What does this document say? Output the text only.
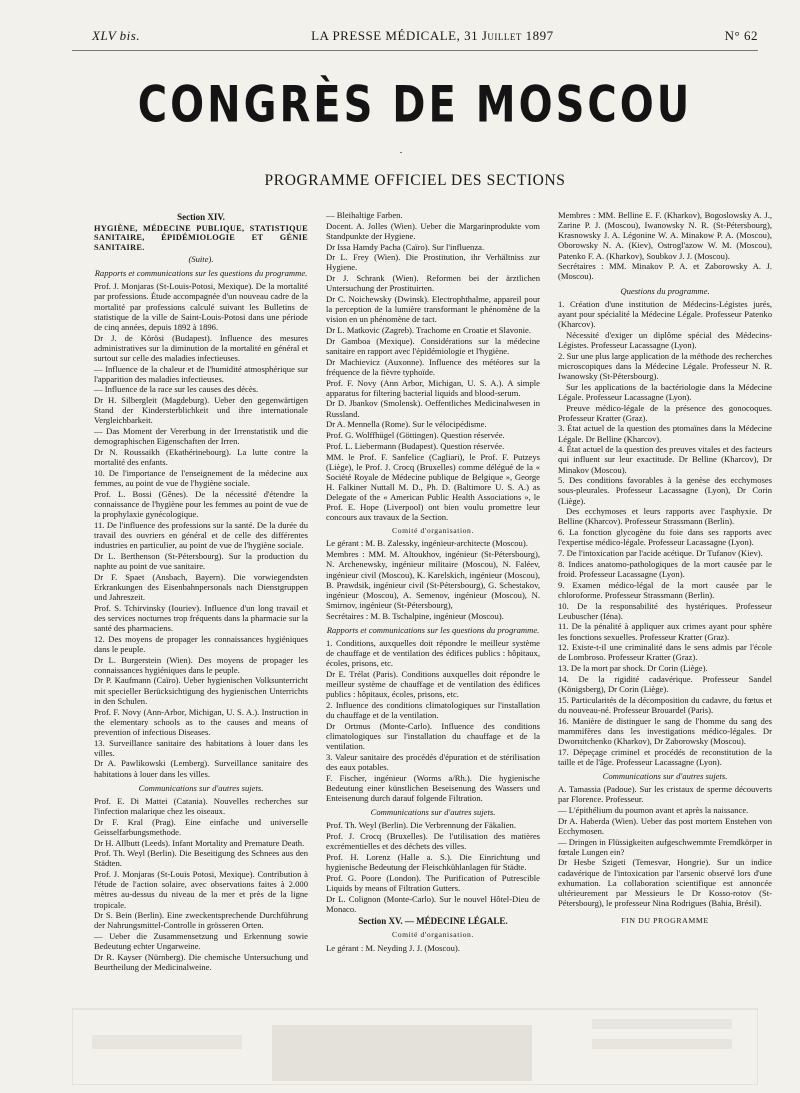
XLV bis.	LA PRESSE MÉDICALE, 31 Juillet 1897	N° 62
CONGRÈS DE MOSCOU
PROGRAMME OFFICIEL DES SECTIONS

Section XIV.

HYGIÈNE, MÉDECINE PUBLIQUE, STATISTIQUE SANITAIRE, ÉPIDÉMIOLOGIE ET GÉNIE SANITAIRE.

(Suite).

Rapports et communications sur les questions du programme.

Prof. J. Monjaras (St-Louis-Potosi, Mexique). De la mortalité par professions. Étude accompagnée d'un nouveau cadre de la mortalité par professions calculé suivant les Bulletins de statistique de la ville de Saint-Louis-Potosi dans une période de cinq années, depuis 1892 à 1896.

Dr J. de Körösi (Budapest). Influence des mesures administratives sur la diminution de la mortalité en général et surtout sur celle des maladies infectieuses.

— Influence de la chaleur et de l'humidité atmosphérique sur l'apparition des maladies infectieuses.

— Influence de la race sur les causes des décès.

Dr H. Silbergleit (Magdeburg). Ueber den gegenwärtigen Stand der Kindersterblichkeit und ihre internationale Vergleichbarkeit.

— Das Moment der Vererbung in der Irrenstatistik und die demographischen Eigenschaften der Irren.

Dr N. Roussaikh (Ekathérinebourg). La lutte contre la mortalité des enfants.

10. De l'importance de l'enseignement de la médecine aux femmes, au point de vue de l'hygiène sociale.

Prof. L. Bossi (Gênes). De la nécessité d'étendre la connaissance de l'hygiène pour les femmes au point de vue de la prophylaxie gynécologique.

11. De l'influence des professions sur la santé. De la durée du travail des ouvriers en général et de celle des différentes industries en particulier, au point de vue de l'hygiène sociale.

Dr L. Berthenson (St-Pétersbourg). Sur la production du naphte au point de vue sanitaire.

Dr F. Spaet (Ansbach, Bayern). Die vorwiegendsten Erkrankungen des Eisenbahnpersonals nach Dienstgruppen und Jahreszeit.

Prof. S. Tchirvinsky (Iouriev). Influence d'un long travail et des services nocturnes trop fréquents dans la pharmacie sur la santé des pharmaciens.

12. Des moyens de propager les connaissances hygiéniques dans le peuple.

Dr L. Burgerstein (Wien). Des moyens de propager les connaissances hygiéniques dans le peuple.

Dr P. Kaufmann (Caïro). Ueber hygienischen Volksunterricht mit specieller Berücksichtigung des hygienischen Unterrichts in den Schulen.

Prof. F. Novy (Ann-Arbor, Michigan, U. S. A.). Instruction in the elementary schools as to the causes and means of prevention of infectious Diseases.

13. Surveillance sanitaire des habitations à louer dans les villes.

Dr A. Pawlikowski (Lemberg). Surveillance sanitaire des habitations à louer dans les villes.

Communications sur d'autres sujets.

Prof. E. Di Mattei (Catania). Nouvelles recherches sur l'infection malarique chez les oiseaux.

Dr F. Kral (Prag). Eine einfache und universelle Geisselfarbungsmethode.

Dr H. Allbutt (Leeds). Infant Mortality and Premature Death.

Prof. Th. Weyl (Berlin). Die Beseitigung des Schnees aus den Städten.

Prof. J. Monjaras (St-Louis Potosi, Mexique). Contribution à l'étude de l'action solaire, avec observations faites à 2.000 mètres au-dessus du niveau de la mer et près de la ligne tropicale.

Dr S. Bein (Berlin). Eine zweckentsprechende Durchführung der Nahrungsmittel-Controlle in grösseren Orten.

— Ueber die Zusammensetzung und Erkennung sowie Bedeutung echter Ungarweine.

Dr R. Kayser (Nürnberg). Die chemische Untersuchung und Beurtheilung der Medicinalweine.

— Bleihaltige Farben.

Docent. A. Jolles (Wien). Ueber die Margarinprodukte vom Standpunkte der Hygiene.

Dr Issa Hamdy Pacha (Caïro). Sur l'influenza.

Dr L. Frey (Wien). Die Prostitution, ihr Verhältniss zur Hygiene.

Dr J. Schrank (Wien). Reformen bei der ärztlichen Untersuchung der Prostituirten.

Dr C. Noichewsky (Dwinsk). Electrophthalme, appareil pour la perception de la lumière transformant le phénomène de la vision en un phénomène de tact.

Dr L. Matkovic (Zagreb). Trachome en Croatie et Slavonie.

Dr Gamboa (Mexique). Considérations sur la médecine sanitaire en rapport avec l'épidémiologie et l'hygiène.

Dr Machievicz (Auxonne). Influence des météores sur la fréquence de la fièvre typhoïde.

Prof. F. Novy (Ann Arbor, Michigan, U. S. A.). A simple apparatus for filtering bacterial liquids and blood-serum.

Dr D. Jbankov (Smolensk). Oeffentliches Medicinalwesen in Russland.

Dr A. Mennella (Rome). Sur le vélocipédisme.

Prof. G. Wolffhügel (Göttingen). Question réservée.

Prof. L. Liebermann (Budapest). Question réservée.

MM. le Prof. F. Sanfelice (Cagliari), le Prof. F. Putzeys (Liège), le Prof. J. Crocq (Bruxelles) comme délégué de la « Société Royale de Médecine publique de Belgique », George H. Falkiner Nuttall M. D., Ph. D. (Baltimore U. S. A.) as Delegate of the « American Public Health Associations », le Prof. E. Hope (Liverpool) ont bien voulu promettre leur concours aux travaux de la Section.

Comité d'organisation.

Le gérant : M. B. Zalessky, ingénieur-architecte (Moscou).

Membres : MM. M. Altoukhov, ingénieur (St-Pétersbourg), N. Archenewsky, ingénieur militaire (Moscou), N. Faléev, ingénieur civil (Moscou), K. Karelskich, ingénieur (Moscou), B. Prawdsik, ingénieur civil (St-Pétersbourg), G. Schestakov, ingénieur (Moscou), A. Semenov, ingénieur (Moscou), N. Smirnov, ingénieur (St-Pétersbourg),

Secrétaires : M. B. Tschalpine, ingénieur (Moscou).

Rapports et communications sur les questions du programme.

1. Conditions, auxquelles doit répondre le meilleur système de chauffage et de ventilation des édifices publics : hôpitaux, écoles, prisons, etc.

Dr E. Trélat (Paris). Conditions auxquelles doit répondre le meilleur système de chauffage et de ventilation des édifices publics : hôpitaux, écoles, prisons, etc.

2. Influence des conditions climatologiques sur l'installation du chauffage et de la ventilation.

Dr Ortmus (Monte-Carlo). Influence des conditions climatologiques sur l'installation du chauffage et de la ventilation.

3. Valeur sanitaire des procédés d'épuration et de stérilisation des eaux potables.

F. Fischer, ingénieur (Worms a/Rh.). Die hygienische Bedeutung einer künstlichen Beseisenung des Wassers und Enteisenung durch darauf folgende Filtration.

Communications sur d'autres sujets.

Prof. Th. Weyl (Berlin). Die Verbrennung der Fäkalien.

Prof. J. Crocq (Bruxelles). De l'utilisation des matières excrémentielles et des déchets des villes.

Prof. H. Lorenz (Halle a. S.). Die Einrichtung und hygienische Bedeutung der Fleischkühlanlagen für Städte.

Prof. G. Poore (London). The Purification of Putrescible Liquids by means of Filtration Gutters.

Dr L. Colignon (Monte-Carlo). Sur le nouvel Hôtel-Dieu de Monaco.

Section XV. — MÉDECINE LÉGALE.

Comité d'organisation.

Le gérant : M. Neyding J. J. (Moscou).

Membres : MM. Belline E. F. (Kharkov), Bogoslowsky A. J., Zarine P. J. (Moscou), Iwanowsky N. R. (St-Pétersbourg), Krasnowsky J. A. Légonine W. A. Minakow P. A. (Moscou), Oborowsky N. A. (Kiev), Ostrogl'azow W. M. (Moscou), Patenko F. A. (Kharkov), Soubkov J. J. (Moscou).

Secrétaires : MM. Minakov P. A. et Zaborowsky A. J. (Moscou).

Questions du programme.

1. Création d'une institution de Médecins-Légistes jurés, ayant pour spécialité la Médecine Légale. Professeur Patenko (Kharcov).

Nécessité d'exiger un diplôme spécial des Médecins-Légistes. Professeur Lacassagne (Lyon).

2. Sur une plus large application de la méthode des recherches microscopiques dans la Médecine Légale. Professeur N. R. Iwanowsky (St-Pétersbourg).

Sur les applications de la bactériologie dans la Médecine Légale. Professeur Lacassagne (Lyon).

Preuve médico-légale de la présence des gonocoques. Professeur Kratter (Graz).

3. État actuel de la question des ptomaïnes dans la Médecine Légale. Dr Belline (Kharcov).

4. État actuel de la question des preuves vitales et des facteurs qui influent sur leur exactitude. Dr Belline (Kharcov), Dr Minakov (Moscou).

5. Des conditions favorables à la genèse des ecchymoses sous-pleurales. Professeur Lacassagne (Lyon), Dr Corin (Liège).

Des ecchymoses et leurs rapports avec l'asphyxie. Dr Belline (Kharcov). Professeur Strassmann (Berlin).

6. La fonction glycogène du foie dans ses rapports avec l'expertise médico-légale. Professeur Lacassagne (Lyon).

7. De l'intoxication par l'acide acétique. Dr Tufanov (Kiev).

8. Indices anatomo-pathologiques de la mort causée par le froid. Professeur Lacassagne (Lyon).

9. Examen médico-légal de la mort causée par le chloroforme. Professeur Strassmann (Berlin).

10. De la responsabilité des hystériques. Professeur Leubuscher (Iéna).

11. De la pénalité à appliquer aux crimes ayant pour sphère les fonctions sexuelles. Professeur Kratter (Graz).

12. Existe-t-il une criminalité dans le sens admis par l'école de Lombroso. Professeur Kratter (Graz).

13. De la mort par shock. Dr Corin (Liège).

14. De la rigidité cadavérique. Professeur Sandel (Königsberg), Dr Corin (Liège).

15. Particularités de la décomposition du cadavre, du fœtus et du nouveau-né. Professeur Brouardel (Paris).

16. Manière de distinguer le sang de l'homme du sang des mammifères dans les investigations médico-légales. Dr Dworнitchenko (Kharkov), Dr Zaborowsky (Moscou).

17. Dépeçage criminel et procédés de reconstitution de la taille et de l'âge. Professeur Lacassagne (Lyon).

Communications sur d'autres sujets.

A. Tamassia (Padoue). Sur les cristaux de sperme découverts par Florence. Professeur.

— L'épithélium du poumon avant et après la naissance.

Dr A. Haberda (Wien). Ueber das post mortem Enstehen von Ecchymosen.

— Dringen in Flüssigkeiten aufgeschwemmte Fremdkörper in fœtale Lungen ein?

Dr Hesbe Szigeti (Temesvar, Hongrie). Sur un indice cadavérique de l'intoxication par l'arsenic observé lors d'une exhumation. La collaboration scientifique est annoncée ultérieurement par Messieurs le Dr Kosso-rotov (St-Pétersbourg), le professeur Nina Rodrigues (Bahia, Brésil).

FIN DU PROGRAMME
